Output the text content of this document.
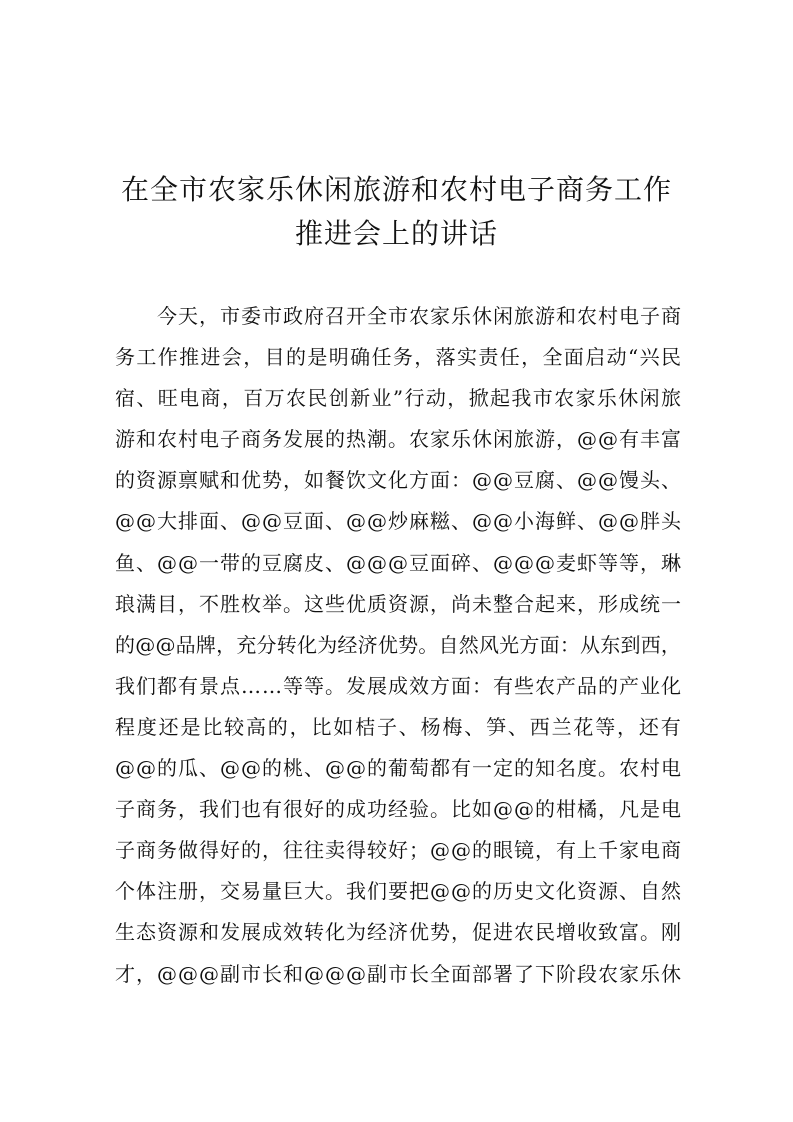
在全市农家乐休闲旅游和农村电子商务工作
推进会上的讲话
今 天 ， 市 委 市 政 府 召 开 全 市 农 家 乐 休 闲 旅 游 和 农 村 电 子 商
务 工 作 推 进 会 ， 目 的 是 明 确 任 务 ， 落 实 责 任 ， 全 面 启 动 “ 兴 民
宿 、 旺 电 商 ， 百 万 农 民 创 新 业 ” 行 动 ， 掀 起 我 市 农 家 乐 休 闲 旅
游 和 农 村 电 子 商 务 发 展 的 热 潮 。 农 家 乐 休 闲 旅 游 ， @ @ 有 丰 富
的 资 源 禀 赋 和 优 势 ， 如 餐 饮 文 化 方 面 ： @ @ 豆 腐 、 @ @ 馒 头 、
@ @ 大 排 面 、 @ @ 豆 面 、 @ @ 炒 麻 糍 、 @ @ 小 海 鲜 、 @ @ 胖 头
鱼 、 @ @ 一 带 的 豆 腐 皮 、 @ @ @ 豆 面 碎 、 @ @ @ 麦 虾 等 等 ， 琳
琅 满 目 ， 不 胜 枚 举 。 这 些 优 质 资 源 ， 尚 未 整 合 起 来 ， 形 成 统 一
的 @ @ 品 牌 ， 充 分 转 化 为 经 济 优 势 。 自 然 风 光 方 面 ： 从 东 到 西 ，
我 们 都 有 景 点 … … 等 等 。 发 展 成 效 方 面 ： 有 些 农 产 品 的 产 业 化
程 度 还 是 比 较 高 的 ， 比 如 桔 子 、 杨 梅 、 笋 、 西 兰 花 等 ， 还 有
@ @ 的 瓜 、 @ @ 的 桃 、 @ @ 的 葡 萄 都 有 一 定 的 知 名 度 。 农 村 电
子 商 务 ， 我 们 也 有 很 好 的 成 功 经 验 。 比 如 @ @ 的 柑 橘 ， 凡 是 电
子 商 务 做 得 好 的 ， 往 往 卖 得 较 好 ； @ @ 的 眼 镜 ， 有 上 千 家 电 商
个 体 注 册 ， 交 易 量 巨 大 。 我 们 要 把 @ @ 的 历 史 文 化 资 源 、 自 然
生 态 资 源 和 发 展 成 效 转 化 为 经 济 优 势 ， 促 进 农 民 增 收 致 富 。 刚
才 ， @ @ @ 副 市 长 和 @ @ @ 副 市 长 全 面 部 署 了 下 阶 段 农 家 乐 休
